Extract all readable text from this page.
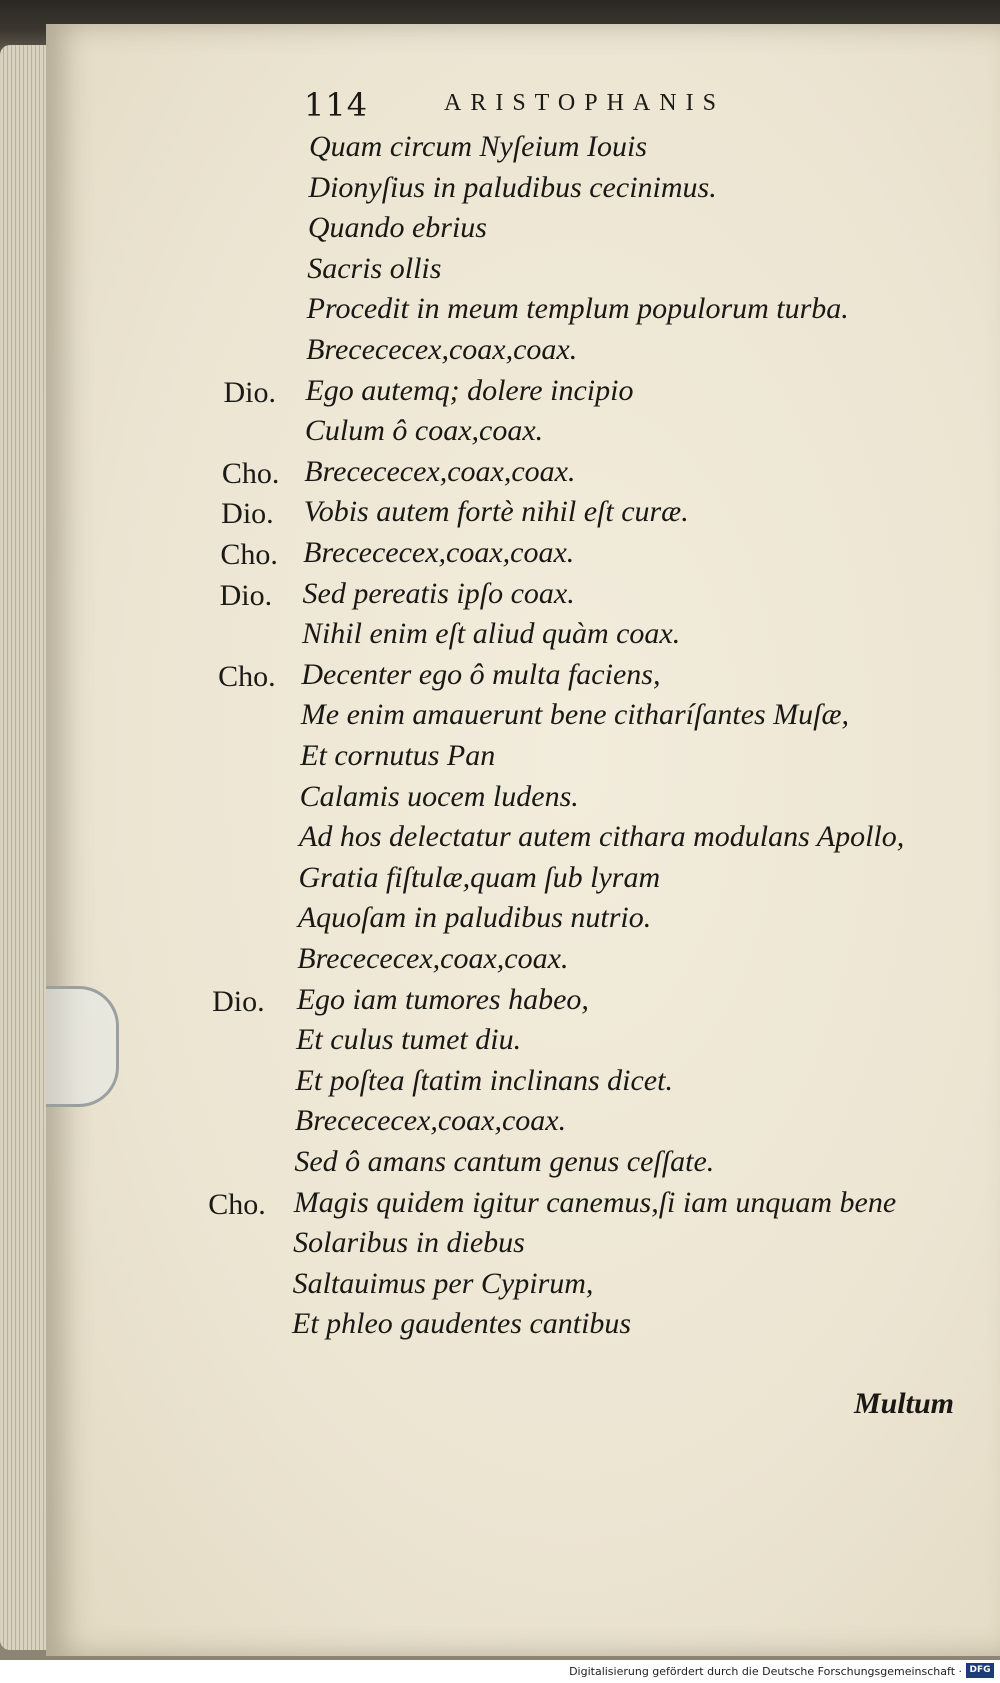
114	ARISTOPHANIS
Quam circum Nyſeium Iouis
Dionyſius in paludibus cecinimus.
Quando ebrius
Sacris ollis
Procedit in meum templum populorum turba.
Brecececex,coax,coax.
Dio. Ego autemq; dolere incipio
Culum ô coax,coax.
Cho. Brecececex,coax,coax.
Dio.	Vobis autem fortè nihil eſt curæ.
Cho. Brecececex,coax,coax.
Dio.	Sed pereatis ipſo coax.
Nihil enim eſt aliud quàm coax.
Cho. Decenter ego ô multa faciens,
Me enim amauerunt bene citharíſantes Muſæ,
Et cornutus Pan
Calamis uocem ludens.
Ad hos delectatur autem cithara modulans Apollo,
Gratia fiſtulæ,quam ſub lyram
Aquoſam in paludibus nutrio.
Brecececex,coax,coax.
Dio.	Ego iam tumores habeo,
Et culus tumet diu.
Et poſtea ſtatim inclinans dicet.
Brecececex,coax,coax.
Sed ô amans cantum genus ceſſate.
Cho. Magis quidem igitur canemus,ſi iam unquam bene
Solaribus in diebus
Saltauimus per Cypirum,
Et phleo gaudentes cantibus
Multum
Digitalisierung gefördert durch die Deutsche Forschungsgemeinschaft · DFG
